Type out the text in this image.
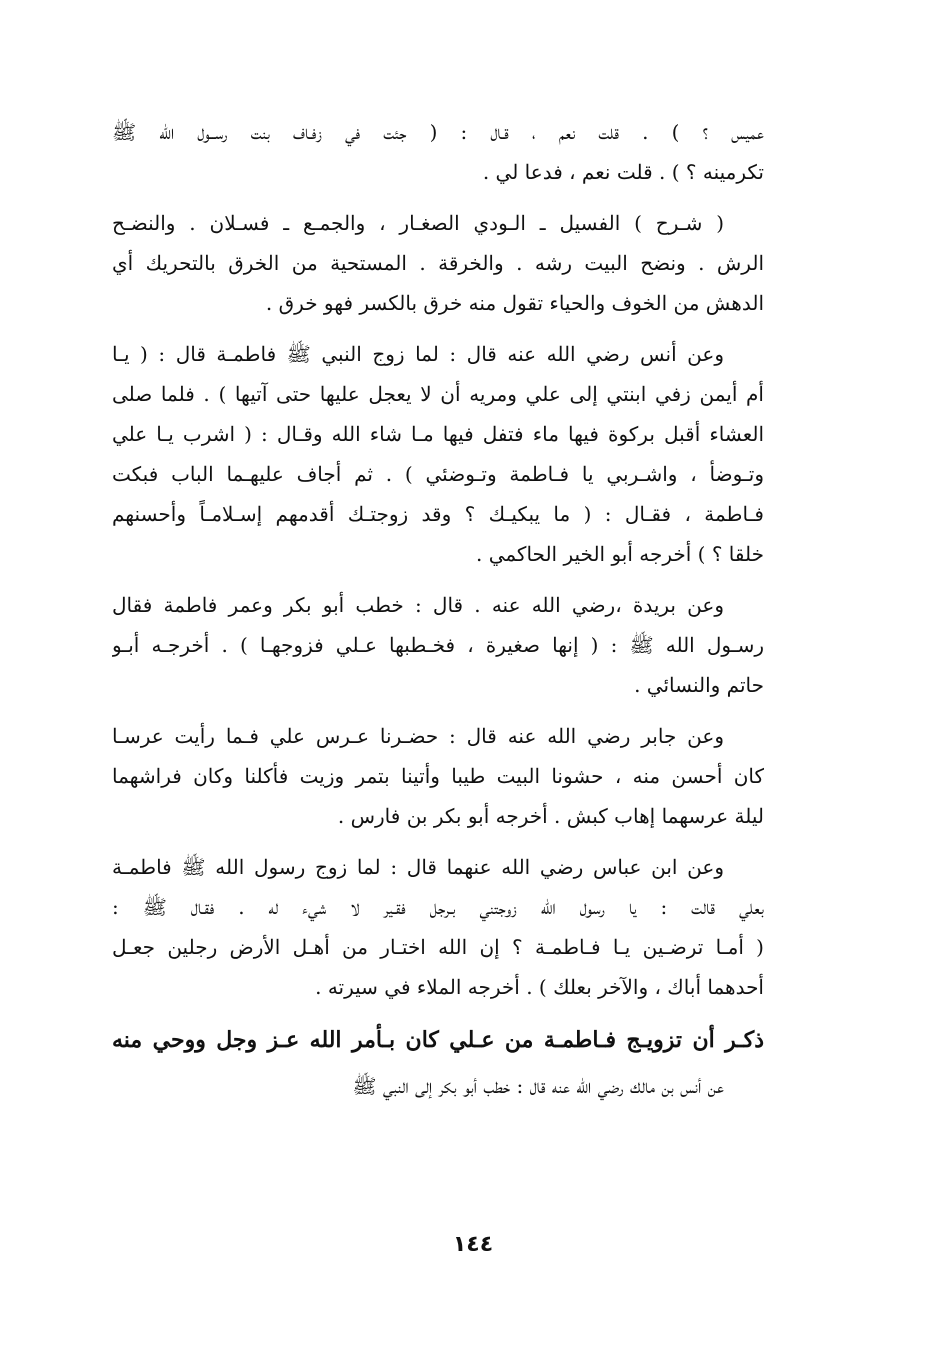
عميس ؟ ) . قلت نعم ، قـال : ( جئت في زفـاف بنت رســول الله ﷺ
تكرمينه ؟ ) . قلت نعم ، فدعا لي .
( شـرح ) الفسيل ـ الـودي الصغـار ، والجمـع ـ فسـلان . والنضـح
الرش . ونضح البيت رشه . والخرقة . المستحية من الخرق بالتحريك أي
الدهش من الخوف والحياء تقول منه خرق بالكسر فهو خرق .
وعن أنس رضي الله عنه قال : لما زوج النبي ﷺ فاطمـة قال : ( يـا
أم أيمن زفي ابنتي إلى علي ومريه أن لا يعجل عليها حتى آتيها ) . فلما صلى
العشاء أقبل بركوة فيها ماء فتفل فيها مـا شاء الله وقـال : ( اشرب يـا علي
وتـوضأ ، واشـربي يا فـاطمة وتـوضئي ) . ثم أجاف عليهـما الباب فبكت
فـاطمة ، فقـال : ( ما يبكيـك ؟ وقد زوجتـك أقدمهم إسـلامـاً وأحسنهم
خلقا ؟ ) أخرجه أبو الخير الحاكمي .
وعن بريدة ،رضي الله عنه . قال : خطب أبو بكر وعمر فاطمة فقال
رسـول الله ﷺ : ( إنها صغيرة ، فخـطبها عـلي فزوجهـا ) . أخرجـه أبـو
حاتم والنسائي .
وعن جابر رضي الله عنه قال : حضـرنا عـرس علي فـما رأيت عرسـا
كان أحسن منه ، حشونا البيت طيبا وأتينا بتمر وزيت فأكلنا وكان فراشهما
ليلة عرسهما إهاب كبش . أخرجه أبو بكر بن فارس .
وعن ابن عباس رضي الله عنهما قال : لما زوج رسول الله ﷺ فاطمـة
بعلي قالت : يا رسول الله زوجتني بـرجل فقـير لا شيء له . فقـال ﷺ :
( أمـا ترضـين يـا فـاطمـة ؟ إن الله اختـار من أهـل الأرض رجلين جعـل
أحدهما أباك ، والآخر بعلك ) . أخرجه الملاء في سيرته .
ذكـر أن تزويـج فـاطمـة من عـلي كان بـأمر الله عـز وجل ووحي منه
عن أنس بن مالك رضي الله عنه قال : خطب أبو بكر إلى النبي ﷺ
١٤٤
